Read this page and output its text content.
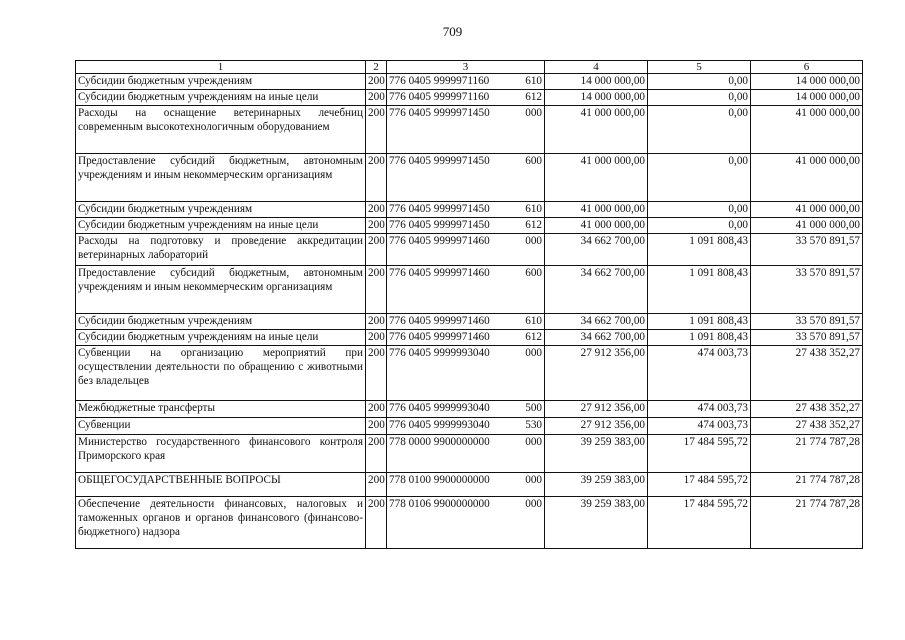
709
1	2	3	4	5	6
Субсидии бюджетным учреждениям	200	776 0405 9999971160 610	14 000 000,00	0,00	14 000 000,00
Субсидии бюджетным учреждениям на иные цели	200	776 0405 9999971160 612	14 000 000,00	0,00	14 000 000,00
Расходы на оснащение ветеринарных лечебниц современным высокотехнологичным оборудованием	200	776 0405 9999971450 000	41 000 000,00	0,00	41 000 000,00
Предоставление субсидий бюджетным, автономным учреждениям и иным некоммерческим организациям	200	776 0405 9999971450 600	41 000 000,00	0,00	41 000 000,00
Субсидии бюджетным учреждениям	200	776 0405 9999971450 610	41 000 000,00	0,00	41 000 000,00
Субсидии бюджетным учреждениям на иные цели	200	776 0405 9999971450 612	41 000 000,00	0,00	41 000 000,00
Расходы на подготовку и проведение аккредитации ветеринарных лабораторий	200	776 0405 9999971460 000	34 662 700,00	1 091 808,43	33 570 891,57
Предоставление субсидий бюджетным, автономным учреждениям и иным некоммерческим организациям	200	776 0405 9999971460 600	34 662 700,00	1 091 808,43	33 570 891,57
Субсидии бюджетным учреждениям	200	776 0405 9999971460 610	34 662 700,00	1 091 808,43	33 570 891,57
Субсидии бюджетным учреждениям на иные цели	200	776 0405 9999971460 612	34 662 700,00	1 091 808,43	33 570 891,57
Субвенции на организацию мероприятий при осуществлении деятельности по обращению с животными без владельцев	200	776 0405 9999993040 000	27 912 356,00	474 003,73	27 438 352,27
Межбюджетные трансферты	200	776 0405 9999993040 500	27 912 356,00	474 003,73	27 438 352,27
Субвенции	200	776 0405 9999993040 530	27 912 356,00	474 003,73	27 438 352,27
Министерство государственного финансового контроля Приморского края	200	778 0000 9900000000 000	39 259 383,00	17 484 595,72	21 774 787,28
ОБЩЕГОСУДАРСТВЕННЫЕ ВОПРОСЫ	200	778 0100 9900000000 000	39 259 383,00	17 484 595,72	21 774 787,28
Обеспечение деятельности финансовых, налоговых и таможенных органов и органов финансового (финансово-бюджетного) надзора	200	778 0106 9900000000 000	39 259 383,00	17 484 595,72	21 774 787,28
